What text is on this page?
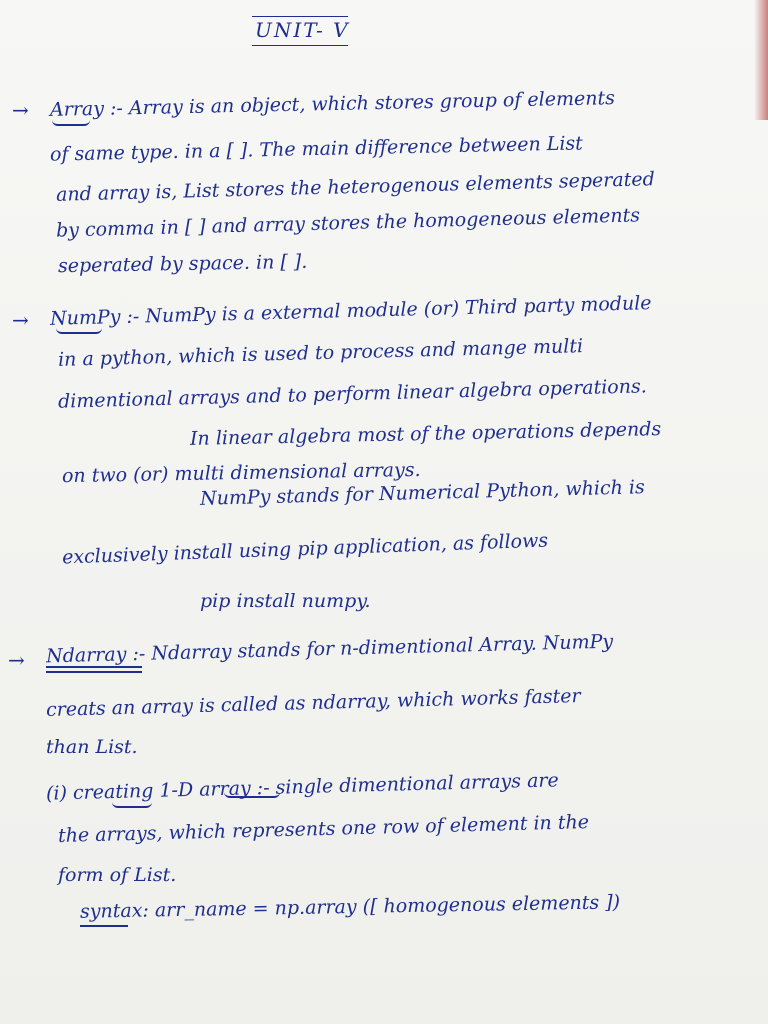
UNIT- V
→ Array :- Array is an object, which stores group of elements
of same type. in a [ ]. The main difference between List
and array is, List stores the heterogenous elements seperated
by comma in [ ] and array stores the homogeneous elements
seperated by space. in [ ].
→ NumPy :- NumPy is a external module (or) Third party module
in a python, which is used to process and mange multi
dimentional arrays and to perform linear algebra operations.
In linear algebra most of the operations depends
on two (or) multi dimensional arrays.
NumPy stands for Numerical Python, which is
exclusively install using pip application, as follows
pip install numpy.
→ Ndarray :- Ndarray stands for n-dimentional Array. NumPy
creats an array is called as ndarray, which works faster
than List.
(i) creating 1-D array :- single dimentional arrays are
the arrays, which represents one row of element in the
form of List.
syntax: arr_name = np.array ([ homogenous elements ])
